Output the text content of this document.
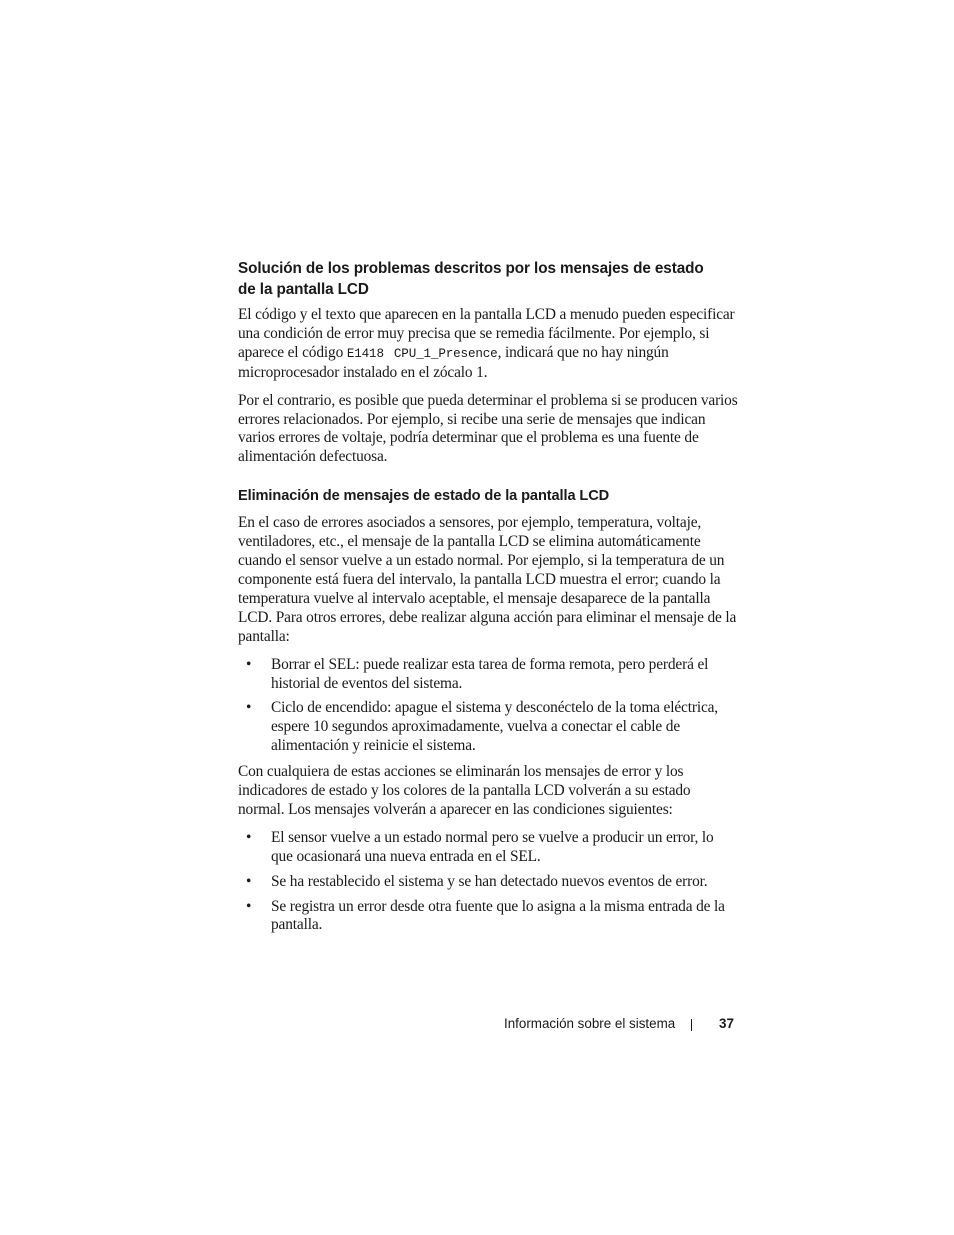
Solución de los problemas descritos por los mensajes de estado
de la pantalla LCD

El código y el texto que aparecen en la pantalla LCD a menudo pueden especificar una condición de error muy precisa que se remedia fácilmente. Por ejemplo, si aparece el código E1418 CPU_1_Presence, indicará que no hay ningún microprocesador instalado en el zócalo 1.

Por el contrario, es posible que pueda determinar el problema si se producen varios errores relacionados. Por ejemplo, si recibe una serie de mensajes que indican varios errores de voltaje, podría determinar que el problema es una fuente de alimentación defectuosa.

Eliminación de mensajes de estado de la pantalla LCD

En el caso de errores asociados a sensores, por ejemplo, temperatura, voltaje, ventiladores, etc., el mensaje de la pantalla LCD se elimina automáticamente cuando el sensor vuelve a un estado normal. Por ejemplo, si la temperatura de un componente está fuera del intervalo, la pantalla LCD muestra el error; cuando la temperatura vuelve al intervalo aceptable, el mensaje desaparece de la pantalla LCD. Para otros errores, debe realizar alguna acción para eliminar el mensaje de la pantalla:

• Borrar el SEL: puede realizar esta tarea de forma remota, pero perderá el historial de eventos del sistema.
• Ciclo de encendido: apague el sistema y desconéctelo de la toma eléctrica, espere 10 segundos aproximadamente, vuelva a conectar el cable de alimentación y reinicie el sistema.

Con cualquiera de estas acciones se eliminarán los mensajes de error y los indicadores de estado y los colores de la pantalla LCD volverán a su estado normal. Los mensajes volverán a aparecer en las condiciones siguientes:

• El sensor vuelve a un estado normal pero se vuelve a producir un error, lo que ocasionará una nueva entrada en el SEL.
• Se ha restablecido el sistema y se han detectado nuevos eventos de error.
• Se registra un error desde otra fuente que lo asigna a la misma entrada de la pantalla.
Información sobre el sistema	37
